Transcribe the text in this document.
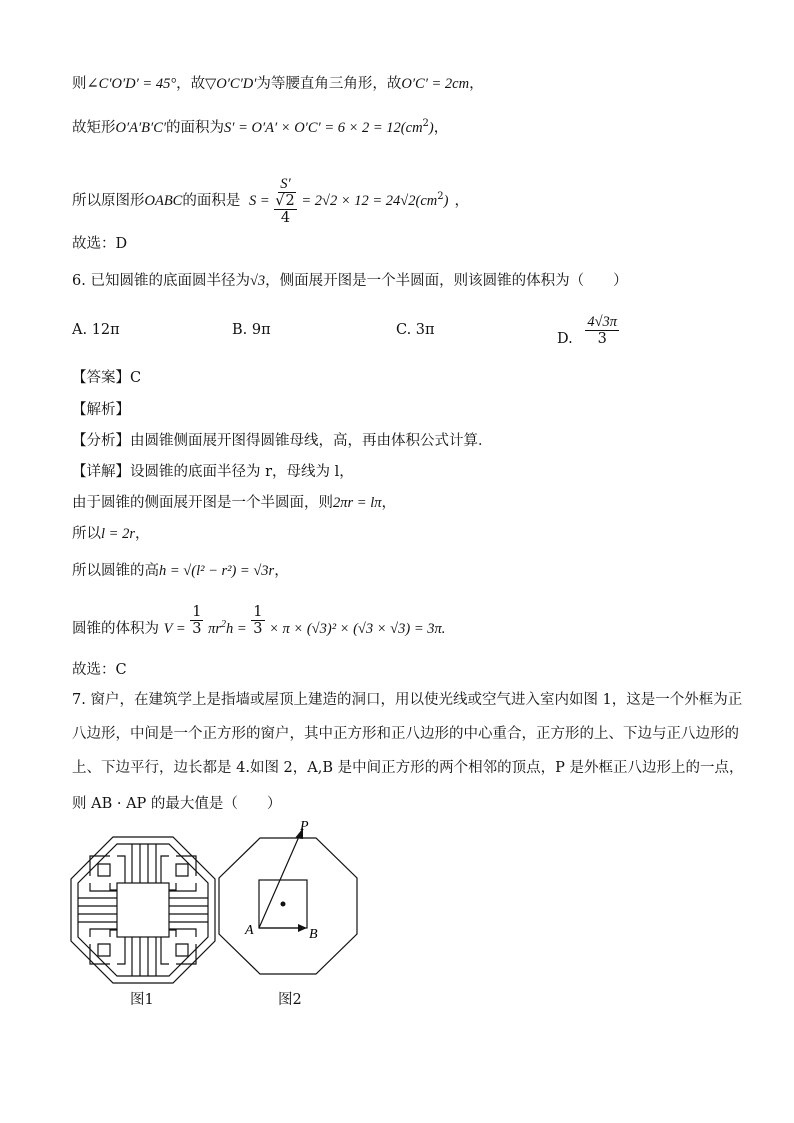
则∠C′O′D′ = 45°，故▽O′C′D′为等腰直角三角形，故O′C′ = 2cm，
故矩形O′A′B′C′的面积为$S' = O'A' \times O'C' = 6 \times 2 = 12(cm^2)$，
所以原图形OABC的面积是 S = S′
√2
$4 = 2√2 \times 12 = 24√2(cm^2)$ ，
故选：D
6. 已知圆锥的底面圆半径为√3，侧面展开图是一个半圆面，则该圆锥的体积为（　　）
A. 12π	B. 9π	C. 3π
D. $\frac{4√3\pi}{3}$
【答案】C
【解析】
【分析】由圆锥侧面展开图得圆锥母线，高，再由体积公式计算．
【详解】设圆锥的底面半径为 r，母线为 l，
由于圆锥的侧面展开图是一个半圆面，则2πr = lπ，
所以l = 2r，
所以圆锥的高h = √(l² − r²) = √3r，
圆锥的体积为 $V = \frac{1}{3} \pi r^2h = \frac{1}{3} \times \pi \times (√3)^2 \times (√3 \times √3) = 3\pi$.
故选：C
7. 窗户，在建筑学上是指墙或屋顶上建造的洞口，用以使光线或空气进入室内如图 1，这是一个外框为正
八边形，中间是一个正方形的窗户，其中正方形和正八边形的中心重合，正方形的上、下边与正八边形的
上、下边平行，边长都是 4.如图 2，A,B 是中间正方形的两个相邻的顶点，P 是外框正八边形上的一点，
则 AB · AP 的最大值是（　　）
图1
P
A	B
图2
